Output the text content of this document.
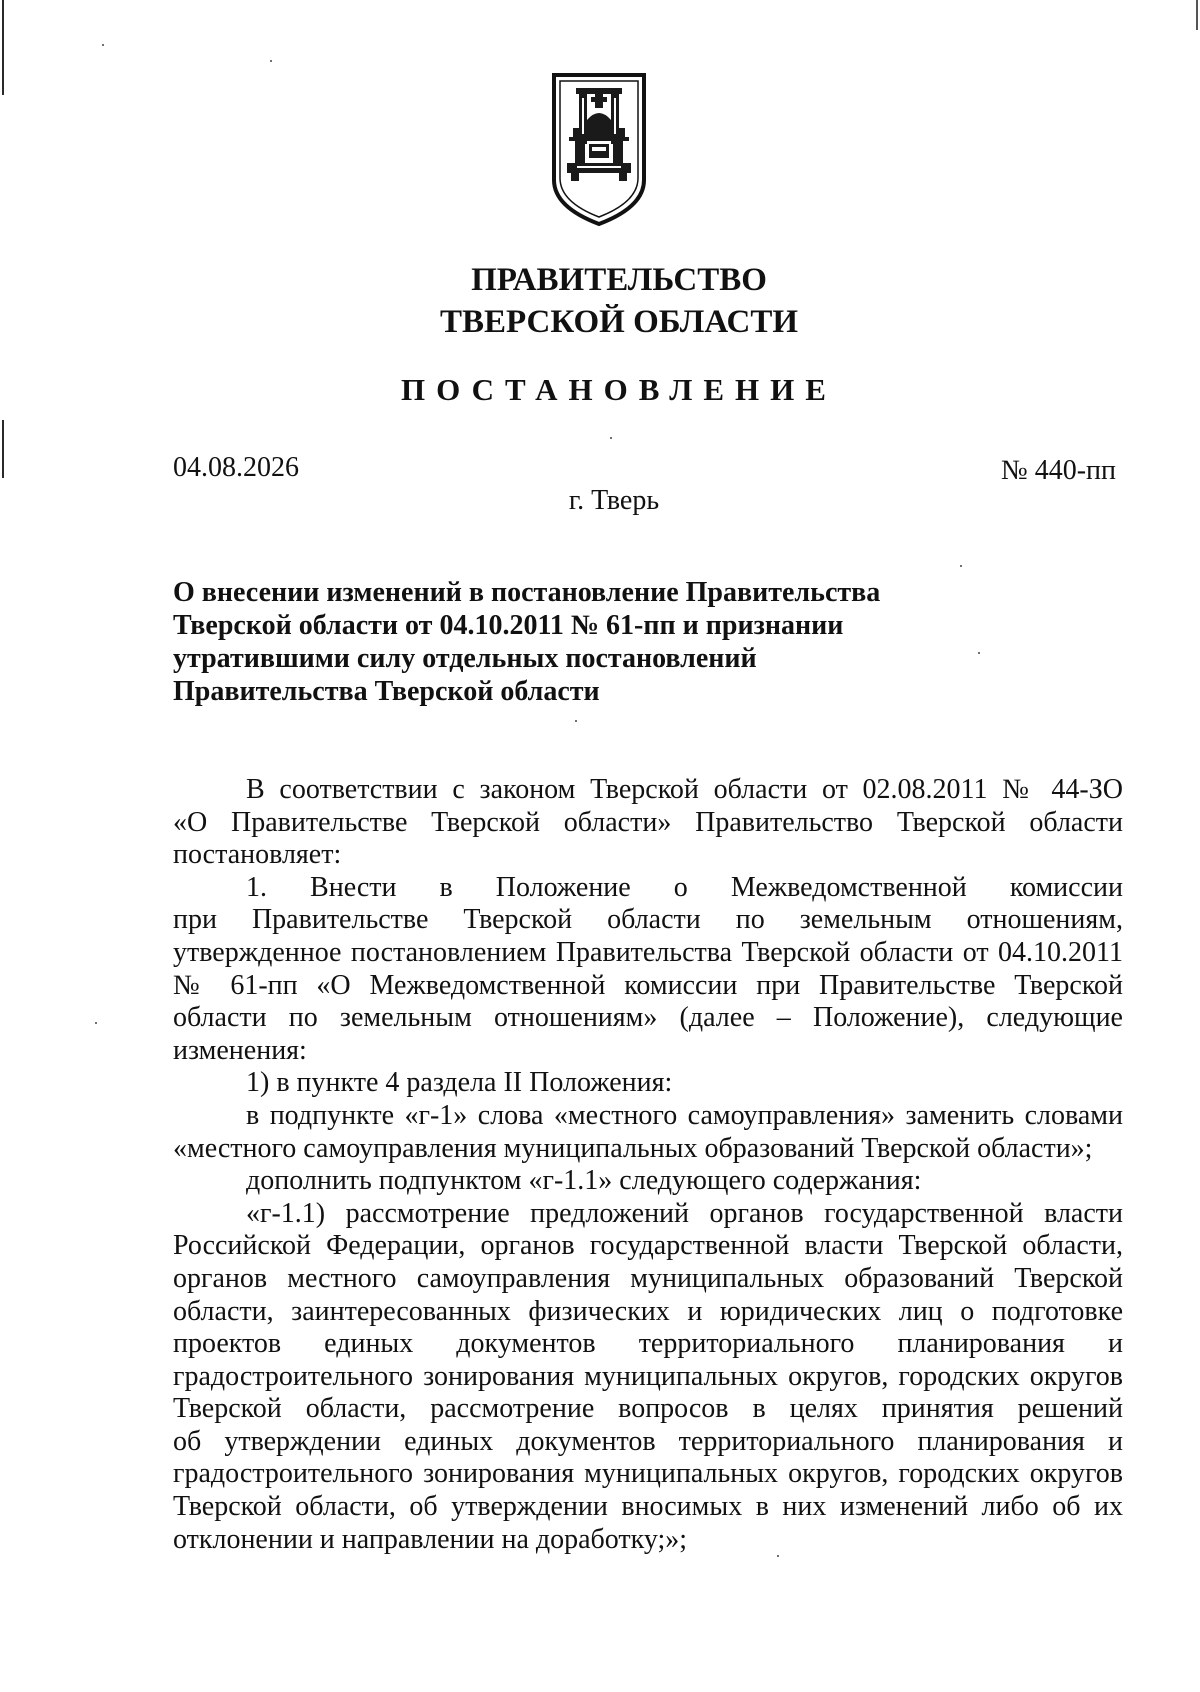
ПРАВИТЕЛЬСТВО
ТВЕРСКОЙ ОБЛАСТИ
ПОСТАНОВЛЕНИЕ
04.08.2026	№ 440-пп
г. Тверь
О внесении изменений в постановление Правительства
Тверской области от 04.10.2011 № 61-пп и признании
утратившими силу отдельных постановлений
Правительства Тверской области
В соответствии с законом Тверской области от 02.08.2011 № 44-ЗО
«О Правительстве Тверской области» Правительство Тверской области
постановляет:
1. Внести в Положение о Межведомственной комиссии
при Правительстве Тверской области по земельным отношениям,
утвержденное постановлением Правительства Тверской области от 04.10.2011
№ 61-пп «О Межведомственной комиссии при Правительстве Тверской
области по земельным отношениям» (далее – Положение), следующие
изменения:
1) в пункте 4 раздела II Положения:
в подпункте «г-1» слова «местного самоуправления» заменить словами
«местного самоуправления муниципальных образований Тверской области»;
дополнить подпунктом «г-1.1» следующего содержания:
«г-1.1) рассмотрение предложений органов государственной власти
Российской Федерации, органов государственной власти Тверской области,
органов местного самоуправления муниципальных образований Тверской
области, заинтересованных физических и юридических лиц о подготовке
проектов единых документов территориального планирования и
градостроительного зонирования муниципальных округов, городских округов
Тверской области, рассмотрение вопросов в целях принятия решений
об утверждении единых документов территориального планирования и
градостроительного зонирования муниципальных округов, городских округов
Тверской области, об утверждении вносимых в них изменений либо об их
отклонении и направлении на доработку;»;
